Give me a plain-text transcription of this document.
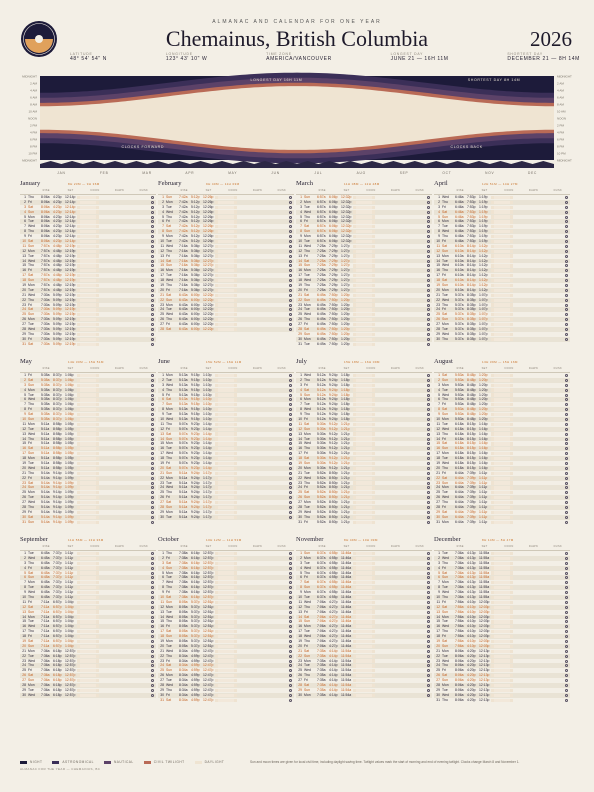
ALMANAC AND CALENDAR FOR ONE YEAR
Chemainus, British Columbia	2026
LATITUDE
48° 54' 54" N
LONGITUDE
123° 43' 10" W
TIME ZONE
AMERICA/VANCOUVER
LONGEST DAY
JUNE 21 — 16H 11M
SHORTEST DAY
DECEMBER 21 — 8H 14M
MIDNIGHT
2 AM
4 AM
6 AM
8 AM
10 AM
NOON
2 PM
4 PM
6 PM
8 PM
10 PM
MIDNIGHT
MIDNIGHT
2 AM
4 AM
6 AM
8 AM
10 AM
NOON
2 PM
4 PM
6 PM
8 PM
10 PM
MIDNIGHT
JAN	FEB	MAR	APR	MAY	JUN	JUL	AUG	SEP	OCT	NOV	DEC
LONGEST DAY 16H 11M	SHORTEST DAY 8H 14M
CLOCKS FORWARD	CLOCKS BACK
January	8H 23M — 9H 36M
RISE	SET	NOON	DAWN	DUSK
1 Thu	8:06a 4:23p 12:14p
2 Fri	8:06a 4:23p 12:14p
3 Sat	8:06a 4:23p 12:14p
4 Sun	8:06a 4:23p 12:14p
5 Mon	8:06a 4:23p 12:14p
6 Tue	8:06a 4:23p 12:14p
7 Wed	8:06a 4:23p 12:14p
8 Thu	8:06a 4:23p 12:14p
9 Fri	8:06a 4:23p 12:14p
10 Sat	8:06a 4:23p 12:14p
11 Sun	7:57a 4:48p 12:19p
12 Mon	7:57a 4:48p 12:19p
13 Tue	7:57a 4:48p 12:19p
14 Wed	7:57a 4:48p 12:19p
15 Thu	7:57a 4:48p 12:19p
16 Fri	7:57a 4:48p 12:19p
17 Sat	7:57a 4:48p 12:19p
18 Sun	7:57a 4:48p 12:19p
19 Mon	7:57a 4:48p 12:19p
20 Tue	7:57a 4:48p 12:19p
21 Wed	7:30a 5:09p 12:19p
22 Thu	7:30a 5:09p 12:19p
23 Fri	7:30a 5:09p 12:19p
24 Sat	7:30a 5:09p 12:19p
25 Sun	7:30a 5:09p 12:19p
26 Mon	7:30a 5:09p 12:19p
27 Tue	7:30a 5:09p 12:19p
28 Wed	7:30a 5:09p 12:19p
29 Thu	7:30a 5:09p 12:19p
30 Fri	7:30a 5:09p 12:19p
31 Sat	7:30a 5:09p 12:19p
February	9H 40M — 11H 03M
RISE	SET	NOON	DAWN	DUSK
1 Sun	7:42a 5:12p 12:26p
2 Mon	7:42a 5:12p 12:26p
3 Tue	7:42a 5:12p 12:26p
4 Wed	7:42a 5:12p 12:26p
5 Thu	7:42a 5:12p 12:26p
6 Fri	7:42a 5:12p 12:26p
7 Sat	7:42a 5:12p 12:26p
8 Sun	7:42a 5:12p 12:26p
9 Mon	7:42a 5:12p 12:26p
10 Tue	7:42a 5:12p 12:26p
11 Wed	7:16a 5:36p 12:27p
12 Thu	7:16a 5:36p 12:27p
13 Fri	7:16a 5:36p 12:27p
14 Sat	7:16a 5:36p 12:27p
15 Sun	7:16a 5:36p 12:27p
16 Mon	7:16a 5:36p 12:27p
17 Tue	7:16a 5:36p 12:27p
18 Wed	7:16a 5:36p 12:27p
19 Thu	7:16a 5:36p 12:27p
20 Fri	7:16a 5:36p 12:27p
21 Sat	6:43a 6:00p 12:22p
22 Sun	6:43a 6:00p 12:22p
23 Mon	6:43a 6:00p 12:22p
24 Tue	6:43a 6:00p 12:22p
25 Wed	6:43a 6:00p 12:22p
26 Thu	6:43a 6:00p 12:22p
27 Fri	6:43a 6:00p 12:22p
28 Sat	6:43a 6:00p 12:22p
March	11H 08M — 12H 48M
RISE	SET	NOON	DAWN	DUSK
1 Sun	6:57a 6:06p 12:32p
2 Mon	6:57a 6:06p 12:32p
3 Tue	6:57a 6:06p 12:32p
4 Wed	6:57a 6:06p 12:32p
5 Thu	6:57a 6:06p 12:32p
6 Fri	6:57a 6:06p 12:32p
7 Sat	6:57a 6:06p 12:32p
8 Sun	6:57a 6:06p 12:32p
9 Mon	6:57a 6:06p 12:32p
10 Tue	6:57a 6:06p 12:32p
11 Wed	7:25a 7:29p 1:27p
12 Thu	7:25a 7:29p 1:27p
13 Fri	7:25a 7:29p 1:27p
14 Sat	7:25a 7:29p 1:27p
15 Sun	7:25a 7:29p 1:27p
16 Mon	7:25a 7:29p 1:27p
17 Tue	7:25a 7:29p 1:27p
18 Wed	7:25a 7:29p 1:27p
19 Thu	7:25a 7:29p 1:27p
20 Fri	7:25a 7:29p 1:27p
21 Sat	6:49a 7:50p 1:20p
22 Sun	6:49a 7:50p 1:20p
23 Mon	6:49a 7:50p 1:20p
24 Tue	6:49a 7:50p 1:20p
25 Wed	6:49a 7:50p 1:20p
26 Thu	6:49a 7:50p 1:20p
27 Fri	6:49a 7:50p 1:20p
28 Sat	6:49a 7:50p 1:20p
29 Sun	6:49a 7:50p 1:20p
30 Mon	6:49a 7:50p 1:20p
31 Tue	6:49a 7:50p 1:20p
April	12H 51M — 14H 27M
RISE	SET	NOON	DAWN	DUSK
1 Wed	6:46a 7:53p 1:19p
2 Thu	6:46a 7:53p 1:19p
3 Fri	6:46a 7:53p 1:19p
4 Sat	6:46a 7:53p 1:19p
5 Sun	6:46a 7:53p 1:19p
6 Mon	6:46a 7:53p 1:19p
7 Tue	6:46a 7:53p 1:19p
8 Wed	6:46a 7:53p 1:19p
9 Thu	6:46a 7:53p 1:19p
10 Fri	6:46a 7:53p 1:19p
11 Sat	6:10a 8:14p 1:12p
12 Sun	6:10a 8:14p 1:12p
13 Mon	6:10a 8:14p 1:12p
14 Tue	6:10a 8:14p 1:12p
15 Wed	6:10a 8:14p 1:12p
16 Thu	6:10a 8:14p 1:12p
17 Fri	6:10a 8:14p 1:12p
18 Sat	6:10a 8:14p 1:12p
19 Sun	6:10a 8:14p 1:12p
20 Mon	6:10a 8:14p 1:12p
21 Tue	5:37a 8:35p 1:07p
22 Wed	5:37a 8:35p 1:07p
23 Thu	5:37a 8:35p 1:07p
24 Fri	5:37a 8:35p 1:07p
25 Sat	5:37a 8:35p 1:07p
26 Sun	5:37a 8:35p 1:07p
27 Mon	5:37a 8:35p 1:07p
28 Tue	5:37a 8:35p 1:07p
29 Wed	5:37a 8:35p 1:07p
30 Thu	5:37a 8:35p 1:07p
May	14H 30M — 15H 51M
RISE	SET	NOON	DAWN	DUSK
1 Fri	5:35a 8:37p 1:06p
2 Sat	5:35a 8:37p 1:06p
3 Sun	5:35a 8:37p 1:06p
4 Mon	5:35a 8:37p 1:06p
5 Tue	5:35a 8:37p 1:06p
6 Wed	5:35a 8:37p 1:06p
7 Thu	5:35a 8:37p 1:06p
8 Fri	5:35a 8:37p 1:06p
9 Sat	5:35a 8:37p 1:06p
10 Sun	5:35a 8:37p 1:06p
11 Mon	5:11a 8:58p 1:05p
12 Tue	5:11a 8:58p 1:05p
13 Wed	5:11a 8:58p 1:05p
14 Thu	5:11a 8:58p 1:05p
15 Fri	5:11a 8:58p 1:05p
16 Sat	5:11a 8:58p 1:05p
17 Sun	5:11a 8:58p 1:05p
18 Mon	5:11a 8:58p 1:05p
19 Tue	5:11a 8:58p 1:05p
20 Wed	5:11a 8:58p 1:05p
21 Thu	5:14a 9:14p 1:09p
22 Fri	5:14a 9:14p 1:09p
23 Sat	5:14a 9:14p 1:09p
24 Sun	5:14a 9:14p 1:09p
25 Mon	5:14a 9:14p 1:09p
26 Tue	5:14a 9:14p 1:09p
27 Wed	5:14a 9:14p 1:09p
28 Thu	5:14a 9:14p 1:09p
29 Fri	5:14a 9:14p 1:09p
30 Sat	5:14a 9:14p 1:09p
31 Sun	5:14a 9:14p 1:09p
June	15H 52M — 16H 11M
RISE	SET	NOON	DAWN	DUSK
1 Mon	5:13a 9:15p 1:10p
2 Tue	5:13a 9:15p 1:10p
3 Wed	5:13a 9:15p 1:10p
4 Thu	5:13a 9:15p 1:10p
5 Fri	5:13a 9:15p 1:10p
6 Sat	5:13a 9:15p 1:10p
7 Sun	5:13a 9:15p 1:10p
8 Mon	5:13a 9:15p 1:10p
9 Tue	5:13a 9:15p 1:10p
10 Wed	5:13a 9:15p 1:10p
11 Thu	5:07a 9:23p 1:14p
12 Fri	5:07a 9:23p 1:14p
13 Sat	5:07a 9:23p 1:14p
14 Sun	5:07a 9:23p 1:14p
15 Mon	5:07a 9:23p 1:14p
16 Tue	5:07a 9:23p 1:14p
17 Wed	5:07a 9:23p 1:14p
18 Thu	5:07a 9:23p 1:14p
19 Fri	5:07a 9:23p 1:14p
20 Sat	5:07a 9:23p 1:14p
21 Sun	5:11a 9:24p 1:17p
22 Mon	5:11a 9:24p 1:17p
23 Tue	5:11a 9:24p 1:17p
24 Wed	5:11a 9:24p 1:17p
25 Thu	5:11a 9:24p 1:17p
26 Fri	5:11a 9:24p 1:17p
27 Sat	5:11a 9:24p 1:17p
28 Sun	5:11a 9:24p 1:17p
29 Mon	5:11a 9:24p 1:17p
30 Tue	5:11a 9:24p 1:17p
July	15H 18M — 16H 09M
RISE	SET	NOON	DAWN	DUSK
1 Wed	5:12a 9:24p 1:18p
2 Thu	5:12a 9:24p 1:18p
3 Fri	5:12a 9:24p 1:18p
4 Sat	5:12a 9:24p 1:18p
5 Sun	5:12a 9:24p 1:18p
6 Mon	5:12a 9:24p 1:18p
7 Tue	5:12a 9:24p 1:18p
8 Wed	5:12a 9:24p 1:18p
9 Thu	5:12a 9:24p 1:18p
10 Fri	5:12a 9:24p 1:18p
11 Sat	5:30a 9:12p 1:21p
12 Sun	5:30a 9:12p 1:21p
13 Mon	5:30a 9:12p 1:21p
14 Tue	5:30a 9:12p 1:21p
15 Wed	5:30a 9:12p 1:21p
16 Thu	5:30a 9:12p 1:21p
17 Fri	5:30a 9:12p 1:21p
18 Sat	5:30a 9:12p 1:21p
19 Sun	5:30a 9:12p 1:21p
20 Mon	5:30a 9:12p 1:21p
21 Tue	5:52a 8:50p 1:21p
22 Wed	5:52a 8:50p 1:21p
23 Thu	5:52a 8:50p 1:21p
24 Fri	5:52a 8:50p 1:21p
25 Sat	5:52a 8:50p 1:21p
26 Sun	5:52a 8:50p 1:21p
27 Mon	5:52a 8:50p 1:21p
28 Tue	5:52a 8:50p 1:21p
29 Wed	5:52a 8:50p 1:21p
30 Thu	5:52a 8:50p 1:21p
31 Fri	5:52a 8:50p 1:21p
August	13H 39M — 15H 16M
RISE	SET	NOON	DAWN	DUSK
1 Sat	5:53a 8:48p 1:20p
2 Sun	5:53a 8:48p 1:20p
3 Mon	5:53a 8:48p 1:20p
4 Tue	5:53a 8:48p 1:20p
5 Wed	5:53a 8:48p 1:20p
6 Thu	5:53a 8:48p 1:20p
7 Fri	5:53a 8:48p 1:20p
8 Sat	5:53a 8:48p 1:20p
9 Sun	5:53a 8:48p 1:20p
10 Mon	5:53a 8:48p 1:20p
11 Tue	6:18a 8:15p 1:16p
12 Wed	6:18a 8:15p 1:16p
13 Thu	6:18a 8:15p 1:16p
14 Fri	6:18a 8:15p 1:16p
15 Sat	6:18a 8:15p 1:16p
16 Sun	6:18a 8:15p 1:16p
17 Mon	6:18a 8:15p 1:16p
18 Tue	6:18a 8:15p 1:16p
19 Wed	6:18a 8:15p 1:16p
20 Thu	6:18a 8:15p 1:16p
21 Fri	6:44a 7:39p 1:11p
22 Sat	6:44a 7:39p 1:11p
23 Sun	6:44a 7:39p 1:11p
24 Mon	6:44a 7:39p 1:11p
25 Tue	6:44a 7:39p 1:11p
26 Wed	6:44a 7:39p 1:11p
27 Thu	6:44a 7:39p 1:11p
28 Fri	6:44a 7:39p 1:11p
29 Sat	6:44a 7:39p 1:11p
30 Sun	6:44a 7:39p 1:11p
31 Mon	6:44a 7:39p 1:11p
September	11H 56M — 13H 36M
RISE	SET	NOON	DAWN	DUSK
1 Tue	6:45a 7:37p 1:11p
2 Wed	6:45a 7:37p 1:11p
3 Thu	6:45a 7:37p 1:11p
4 Fri	6:45a 7:37p 1:11p
5 Sat	6:45a 7:37p 1:11p
6 Sun	6:45a 7:37p 1:11p
7 Mon	6:45a 7:37p 1:11p
8 Tue	6:45a 7:37p 1:11p
9 Wed	6:45a 7:37p 1:11p
10 Thu	6:45a 7:37p 1:11p
11 Fri	7:11a 6:57p 1:04p
12 Sat	7:11a 6:57p 1:04p
13 Sun	7:11a 6:57p 1:04p
14 Mon	7:11a 6:57p 1:04p
15 Tue	7:11a 6:57p 1:04p
16 Wed	7:11a 6:57p 1:04p
17 Thu	7:11a 6:57p 1:04p
18 Fri	7:11a 6:57p 1:04p
19 Sat	7:11a 6:57p 1:04p
20 Sun	7:11a 6:57p 1:04p
21 Mon	7:36a 6:18p 12:57p
22 Tue	7:36a 6:18p 12:57p
23 Wed	7:36a 6:18p 12:57p
24 Thu	7:36a 6:18p 12:57p
25 Fri	7:36a 6:18p 12:57p
26 Sat	7:36a 6:18p 12:57p
27 Sun	7:36a 6:18p 12:57p
28 Mon	7:36a 6:18p 12:57p
29 Tue	7:36a 6:18p 12:57p
30 Wed	7:36a 6:18p 12:57p
October	10H 12M — 11H 53M
RISE	SET	NOON	DAWN	DUSK
1 Thu	7:38a 6:16p 12:57p
2 Fri	7:38a 6:16p 12:57p
3 Sat	7:38a 6:16p 12:57p
4 Sun	7:38a 6:16p 12:57p
5 Mon	7:38a 6:16p 12:57p
6 Tue	7:38a 6:16p 12:57p
7 Wed	7:38a 6:16p 12:57p
8 Thu	7:38a 6:16p 12:57p
9 Fri	7:38a 6:16p 12:57p
10 Sat	7:38a 6:16p 12:57p
11 Sun	8:05a 5:37p 12:51p
12 Mon	8:05a 5:37p 12:51p
13 Tue	8:05a 5:37p 12:51p
14 Wed	8:05a 5:37p 12:51p
15 Thu	8:05a 5:37p 12:51p
16 Fri	8:05a 5:37p 12:51p
17 Sat	8:05a 5:37p 12:51p
18 Sun	8:05a 5:37p 12:51p
19 Mon	8:05a 5:37p 12:51p
20 Tue	8:05a 5:37p 12:51p
21 Wed	8:34a 4:59p 12:47p
22 Thu	8:34a 4:59p 12:47p
23 Fri	8:34a 4:59p 12:47p
24 Sat	8:34a 4:59p 12:47p
25 Sun	8:34a 4:59p 12:47p
26 Mon	8:34a 4:59p 12:47p
27 Tue	8:34a 4:59p 12:47p
28 Wed	8:34a 4:59p 12:47p
29 Thu	8:34a 4:59p 12:47p
30 Fri	8:34a 4:59p 12:47p
31 Sat	8:34a 4:59p 12:47p
November	8H 49M — 10H 09M
RISE	SET	NOON	DAWN	DUSK
1 Sun	6:37a 4:55p 11:46a
2 Mon	6:37a 4:55p 11:46a
3 Tue	6:37a 4:55p 11:46a
4 Wed	6:37a 4:55p 11:46a
5 Thu	6:37a 4:55p 11:46a
6 Fri	6:37a 4:55p 11:46a
7 Sat	6:37a 4:55p 11:46a
8 Sun	6:37a 4:55p 11:46a
9 Mon	6:37a 4:55p 11:46a
10 Tue	6:37a 4:55p 11:46a
11 Wed	7:06a 4:27p 11:46a
12 Thu	7:06a 4:27p 11:46a
13 Fri	7:06a 4:27p 11:46a
14 Sat	7:06a 4:27p 11:46a
15 Sun	7:06a 4:27p 11:46a
16 Mon	7:06a 4:27p 11:46a
17 Tue	7:06a 4:27p 11:46a
18 Wed	7:06a 4:27p 11:46a
19 Thu	7:06a 4:27p 11:46a
20 Fri	7:06a 4:27p 11:46a
21 Sat	7:35a 4:14p 11:54a
22 Sun	7:35a 4:14p 11:54a
23 Mon	7:35a 4:14p 11:54a
24 Tue	7:35a 4:14p 11:54a
25 Wed	7:35a 4:14p 11:54a
26 Thu	7:35a 4:14p 11:54a
27 Fri	7:35a 4:14p 11:54a
28 Sat	7:35a 4:14p 11:54a
29 Sun	7:35a 4:14p 11:54a
30 Mon	7:35a 4:14p 11:54a
December	8H 14M — 8H 47M
RISE	SET	NOON	DAWN	DUSK
1 Tue	7:36a 4:13p 11:55a
2 Wed	7:36a 4:13p 11:55a
3 Thu	7:36a 4:13p 11:55a
4 Fri	7:36a 4:13p 11:55a
5 Sat	7:36a 4:13p 11:55a
6 Sun	7:36a 4:13p 11:55a
7 Mon	7:36a 4:13p 11:55a
8 Tue	7:36a 4:13p 11:55a
9 Wed	7:36a 4:13p 11:55a
10 Thu	7:36a 4:13p 11:55a
11 Fri	7:56a 4:10p 12:03p
12 Sat	7:56a 4:10p 12:03p
13 Sun	7:56a 4:10p 12:03p
14 Mon	7:56a 4:10p 12:03p
15 Tue	7:56a 4:10p 12:03p
16 Wed	7:56a 4:10p 12:03p
17 Thu	7:56a 4:10p 12:03p
18 Fri	7:56a 4:10p 12:03p
19 Sat	7:56a 4:10p 12:03p
20 Sun	7:56a 4:10p 12:03p
21 Mon	8:06a 4:20p 12:13p
22 Tue	8:06a 4:20p 12:13p
23 Wed	8:06a 4:20p 12:13p
24 Thu	8:06a 4:20p 12:13p
25 Fri	8:06a 4:20p 12:13p
26 Sat	8:06a 4:20p 12:13p
27 Sun	8:06a 4:20p 12:13p
28 Mon	8:06a 4:20p 12:13p
29 Tue	8:06a 4:20p 12:13p
30 Wed	8:06a 4:20p 12:13p
31 Thu	8:06a 4:20p 12:13p
NIGHT	ASTRONOMICAL	NAUTICAL	CIVIL TWILIGHT	DAYLIGHT	Sun and moon times are given for local civil time, including daylight saving time. Twilight values mark the start of morning and end of evening twilight. Clocks change March 8 and November 1.
ALMANAC FOR THE YEAR — CHEMAINUS, BC
